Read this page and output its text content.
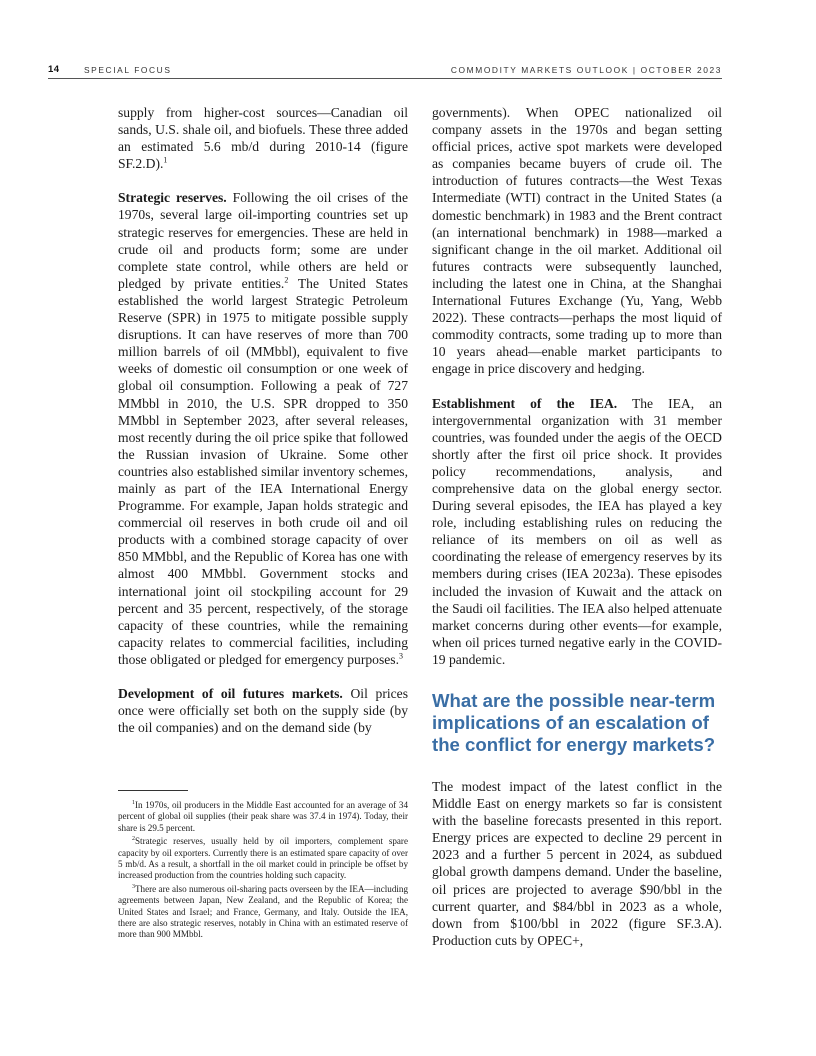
14	SPECIAL FOCUS	COMMODITY MARKETS OUTLOOK | OCTOBER 2023

supply from higher-cost sources—Canadian oil sands, U.S. shale oil, and biofuels. These three added an estimated 5.6 mb/d during 2010-14 (figure SF.2.D).$^1$

Strategic reserves. Following the oil crises of the 1970s, several large oil-importing countries set up strategic reserves for emergencies. These are held in crude oil and products form; some are under complete state control, while others are held or pledged by private entities.$^2$ The United States established the world largest Strategic Petroleum Reserve (SPR) in 1975 to mitigate possible supply disruptions. It can have reserves of more than 700 million barrels of oil (MMbbl), equivalent to five weeks of domestic oil consumption or one week of global oil consumption. Following a peak of 727 MMbbl in 2010, the U.S. SPR dropped to 350 MMbbl in September 2023, after several releases, most recently during the oil price spike that followed the Russian invasion of Ukraine. Some other countries also established similar inventory schemes, mainly as part of the IEA International Energy Programme. For example, Japan holds strategic and commercial oil reserves in both crude oil and oil products with a combined storage capacity of over 850 MMbbl, and the Republic of Korea has one with almost 400 MMbbl. Government stocks and international joint oil stockpiling account for 29 percent and 35 percent, respectively, of the storage capacity of these countries, while the remaining capacity relates to commercial facilities, including those obligated or pledged for emergency purposes.$^3$

Development of oil futures markets. Oil prices once were officially set both on the supply side (by the oil companies) and on the demand side (by

$^1$In 1970s, oil producers in the Middle East accounted for an average of 34 percent of global oil supplies (their peak share was 37.4 in 1974). Today, their share is 29.5 percent.

$^2$Strategic reserves, usually held by oil importers, complement spare capacity by oil exporters. Currently there is an estimated spare capacity of over 5 mb/d. As a result, a shortfall in the oil market could in principle be offset by increased production from the countries holding such capacity.

$^3$There are also numerous oil-sharing pacts overseen by the IEA—including agreements between Japan, New Zealand, and the Republic of Korea; the United States and Israel; and France, Germany, and Italy. Outside the IEA, there are also strategic reserves, notably in China with an estimated reserve of more than 900 MMbbl.

governments). When OPEC nationalized oil company assets in the 1970s and began setting official prices, active spot markets were developed as companies became buyers of crude oil. The introduction of futures contracts—the West Texas Intermediate (WTI) contract in the United States (a domestic benchmark) in 1983 and the Brent contract (an international benchmark) in 1988—marked a significant change in the oil market. Additional oil futures contracts were subsequently launched, including the latest one in China, at the Shanghai International Futures Exchange (Yu, Yang, Webb 2022). These contracts—perhaps the most liquid of commodity contracts, some trading up to more than 10 years ahead—enable market participants to engage in price discovery and hedging.

Establishment of the IEA. The IEA, an intergovernmental organization with 31 member countries, was founded under the aegis of the OECD shortly after the first oil price shock. It provides policy recommendations, analysis, and comprehensive data on the global energy sector. During several episodes, the IEA has played a key role, including establishing rules on reducing the reliance of its members on oil as well as coordinating the release of emergency reserves by its members during crises (IEA 2023a). These episodes included the invasion of Kuwait and the attack on the Saudi oil facilities. The IEA also helped attenuate market concerns during other events—for example, when oil prices turned negative early in the COVID-19 pandemic.

What are the possible near-term implications of an escalation of the conflict for energy markets?

The modest impact of the latest conflict in the Middle East on energy markets so far is consistent with the baseline forecasts presented in this report. Energy prices are expected to decline 29 percent in 2023 and a further 5 percent in 2024, as subdued global growth dampens demand. Under the baseline, oil prices are projected to average $90/bbl in the current quarter, and $84/bbl in 2023 as a whole, down from $100/bbl in 2022 (figure SF.3.A). Production cuts by OPEC+,
